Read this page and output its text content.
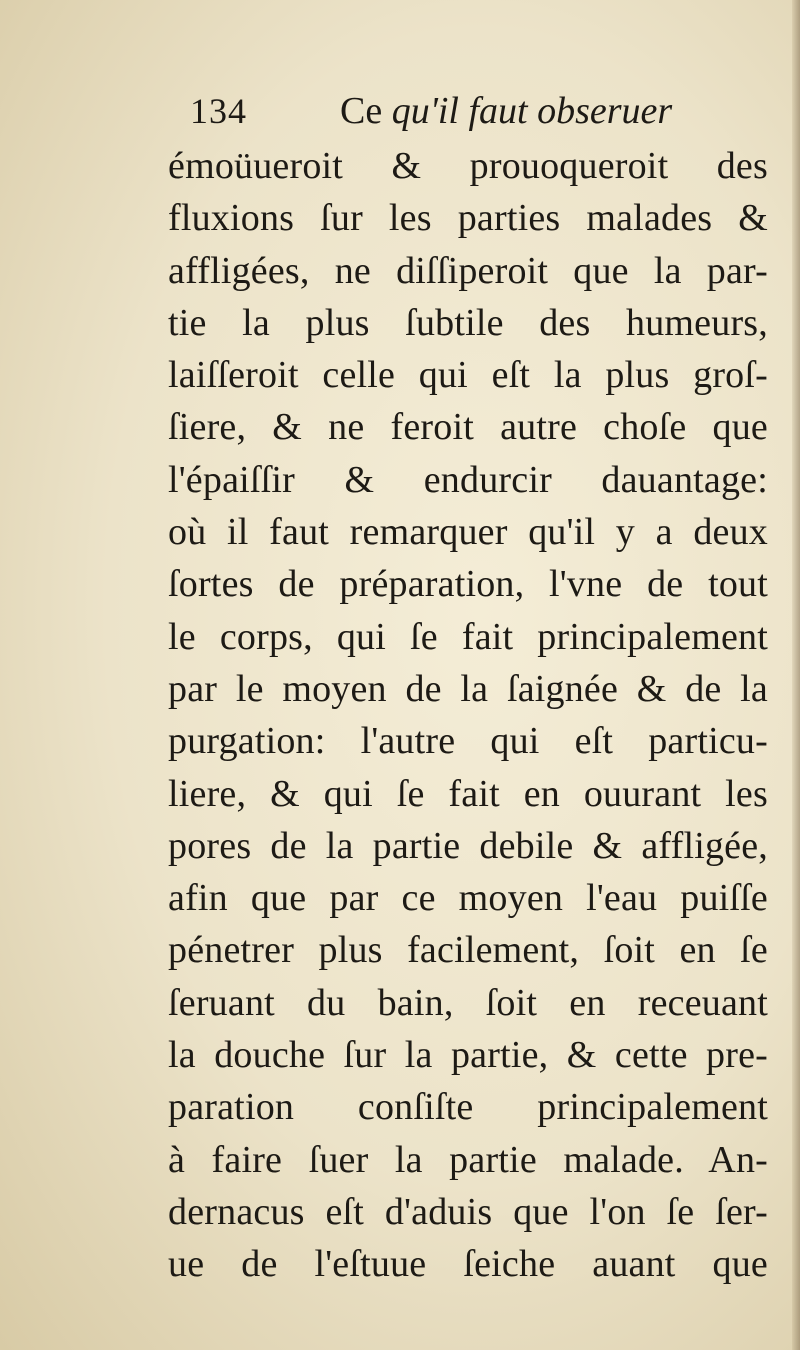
134 Ce qu'il faut obseruer
émoüueroit & prouoqueroit des
fluxions ſur les parties malades &
affligées, ne diſſiperoit que la par-
tie la plus ſubtile des humeurs,
laiſſeroit celle qui eſt la plus groſ-
ſiere, & ne feroit autre choſe que
l'épaiſſir & endurcir dauantage:
où il faut remarquer qu'il y a deux
ſortes de préparation, l'vne de tout
le corps, qui ſe fait principalement
par le moyen de la ſaignée & de la
purgation: l'autre qui eſt particu-
liere, & qui ſe fait en ouurant les
pores de la partie debile & affligée,
afin que par ce moyen l'eau puiſſe
pénetrer plus facilement, ſoit en ſe
ſeruant du bain, ſoit en receuant
la douche ſur la partie, & cette pre-
paration conſiſte principalement
à faire ſuer la partie malade. An-
dernacus eſt d'aduis que l'on ſe ſer-
ue de l'eſtuue ſeiche auant que
